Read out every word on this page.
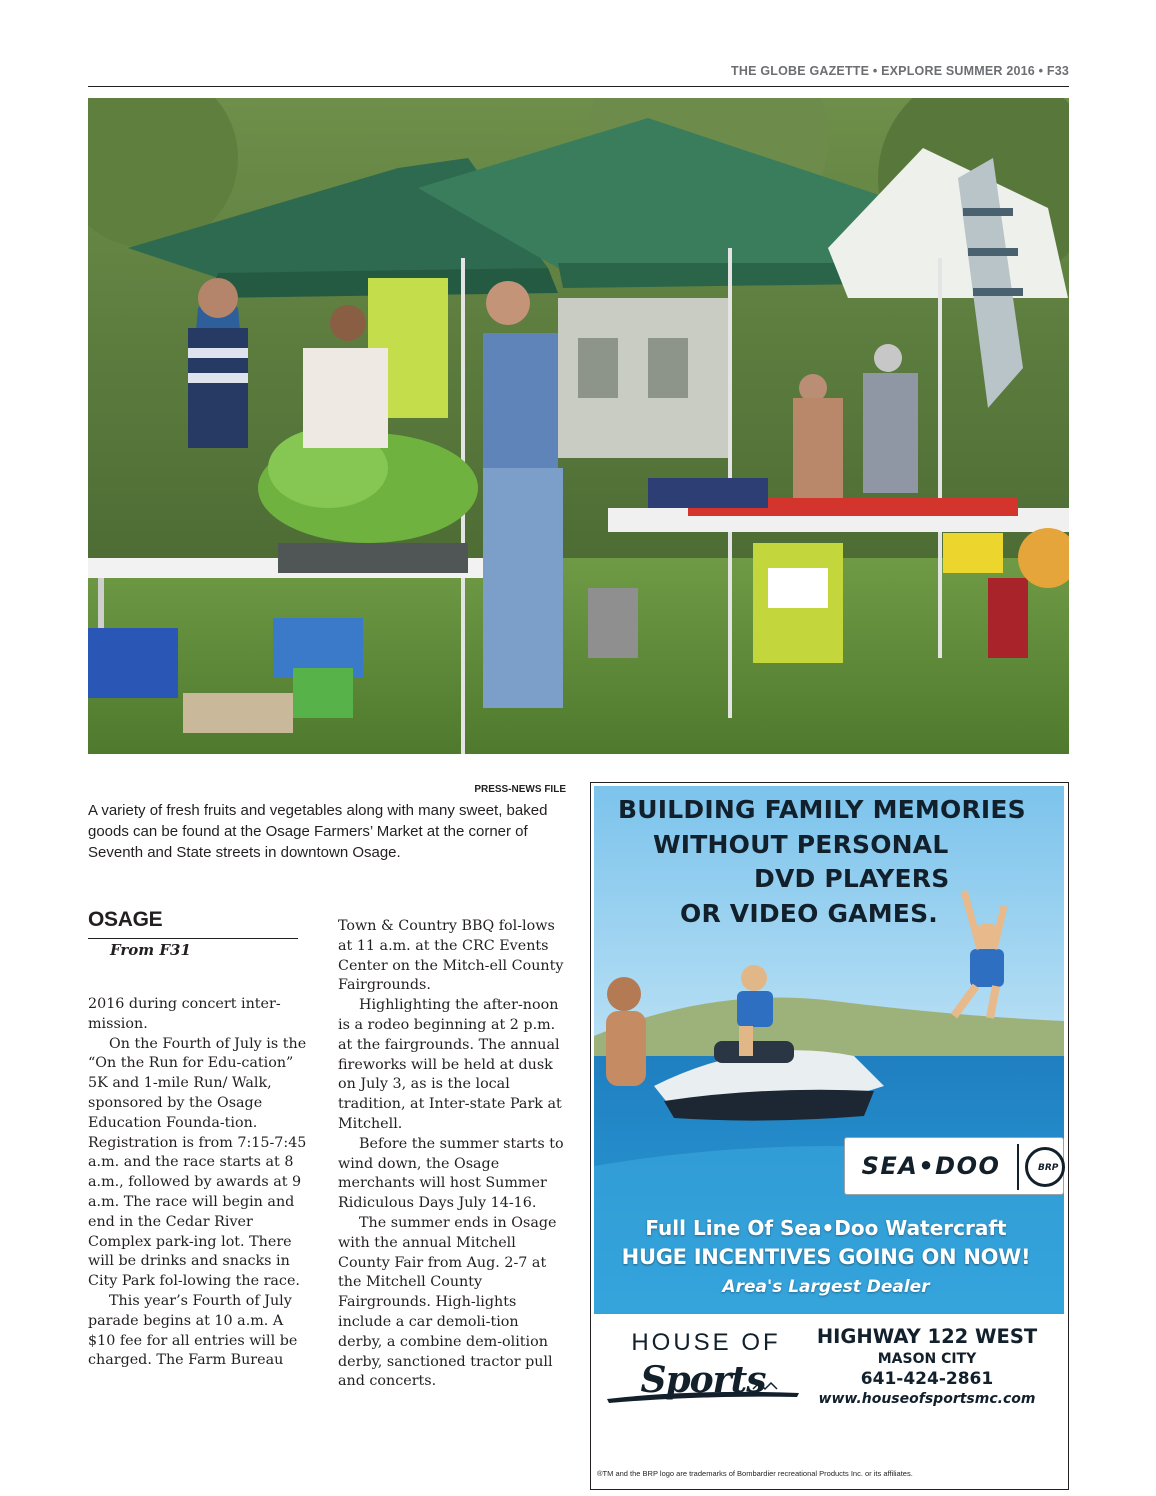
THE GLOBE GAZETTE • EXPLORE SUMMER 2016 • F33
PRESS-NEWS FILE
A variety of fresh fruits and vegetables along with many sweet, baked goods can be found at the Osage Farmers’ Market at the corner of Seventh and State streets in downtown Osage.
OSAGE
From F31

2016 during concert inter-mission.

On the Fourth of July is the “On the Run for Edu-cation” 5K and 1-mile Run/ Walk, sponsored by the Osage Education Founda-tion. Registration is from 7:15-7:45 a.m. and the race starts at 8 a.m., followed by awards at 9 a.m. The race will begin and end in the Cedar River Complex park-ing lot. There will be drinks and snacks in City Park fol-lowing the race.

This year’s Fourth of July parade begins at 10 a.m. A $10 fee for all entries will be charged. The Farm Bureau

Town & Country BBQ fol-lows at 11 a.m. at the CRC Events Center on the Mitch-ell County Fairgrounds.

Highlighting the after-noon is a rodeo beginning at 2 p.m. at the fairgrounds. The annual fireworks will be held at dusk on July 3, as is the local tradition, at Inter-state Park at Mitchell.

Before the summer starts to wind down, the Osage merchants will host Summer Ridiculous Days July 14-16.

The summer ends in Osage with the annual Mitchell County Fair from Aug. 2-7 at the Mitchell County Fairgrounds. High-lights include a car demoli-tion derby, a combine dem-olition derby, sanctioned tractor pull and concerts.

BUILDING FAMILY MEMORIES
WITHOUT PERSONAL
DVD PLAYERS
OR VIDEO GAMES.
SEA•DOO	BRP
Full Line Of Sea•Doo Watercraft
HUGE INCENTIVES GOING ON NOW!
Area's Largest Dealer
HOUSE OF
Sports
HIGHWAY 122 WEST
MASON CITY
641-424-2861
www.houseofsportsmc.com
®TM and the BRP logo are trademarks of Bombardier recreational Products Inc. or its affiliates.
